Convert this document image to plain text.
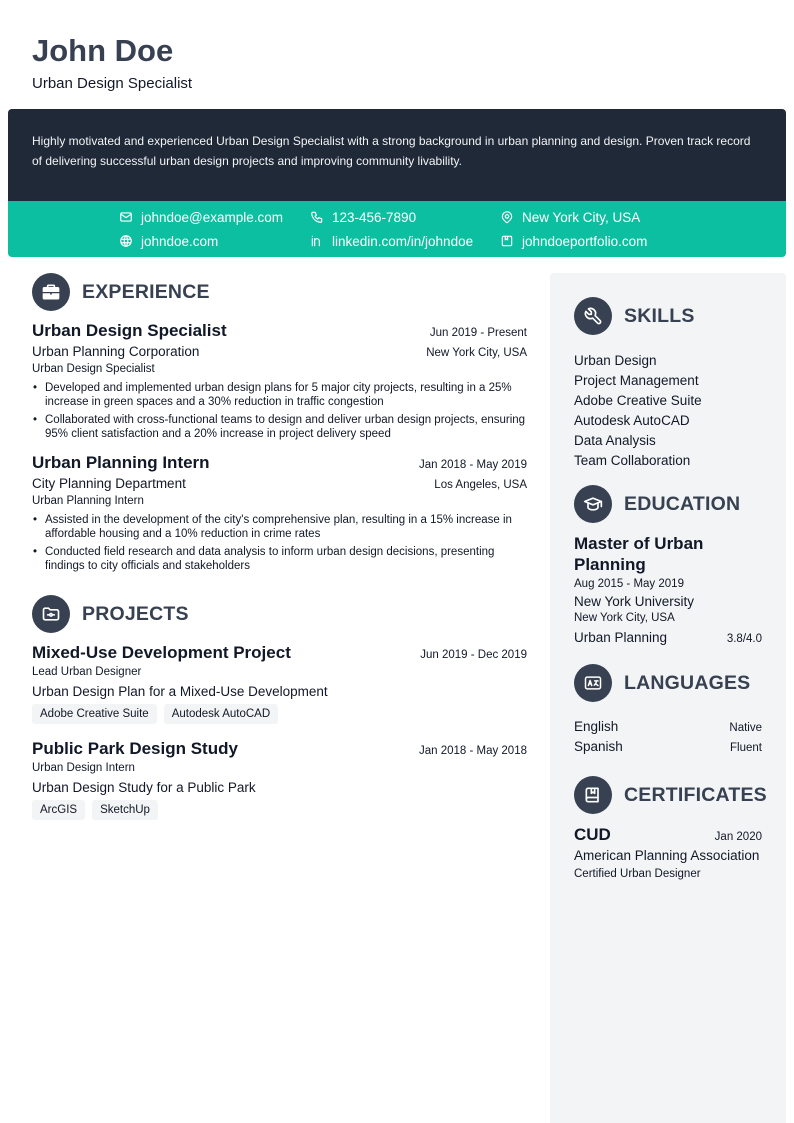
John Doe
Urban Design Specialist
Highly motivated and experienced Urban Design Specialist with a strong background in urban planning and design. Proven track record of delivering successful urban design projects and improving community livability.
johndoe@example.com	123-456-7890	New York City, USA
johndoe.com	linkedin.com/in/johndoe	johndoeportfolio.com
EXPERIENCE
Urban Design Specialist	Jun 2019 - Present
Urban Planning Corporation	New York City, USA
Urban Design Specialist
• Developed and implemented urban design plans for 5 major city projects, resulting in a 25% increase in green spaces and a 30% reduction in traffic congestion
• Collaborated with cross-functional teams to design and deliver urban design projects, ensuring 95% client satisfaction and a 20% increase in project delivery speed
Urban Planning Intern	Jan 2018 - May 2019
City Planning Department	Los Angeles, USA
Urban Planning Intern
• Assisted in the development of the city's comprehensive plan, resulting in a 15% increase in affordable housing and a 10% reduction in crime rates
• Conducted field research and data analysis to inform urban design decisions, presenting findings to city officials and stakeholders
PROJECTS
Mixed-Use Development Project	Jun 2019 - Dec 2019
Lead Urban Designer
Urban Design Plan for a Mixed-Use Development
Adobe Creative Suite	Autodesk AutoCAD
Public Park Design Study	Jan 2018 - May 2018
Urban Design Intern
Urban Design Study for a Public Park
ArcGIS	SketchUp
SKILLS
Urban Design
Project Management
Adobe Creative Suite
Autodesk AutoCAD
Data Analysis
Team Collaboration
EDUCATION
Master of Urban Planning
Aug 2015 - May 2019
New York University
New York City, USA
Urban Planning	3.8/4.0
LANGUAGES
English	Native
Spanish	Fluent
CERTIFICATES
CUD	Jan 2020
American Planning Association
Certified Urban Designer
